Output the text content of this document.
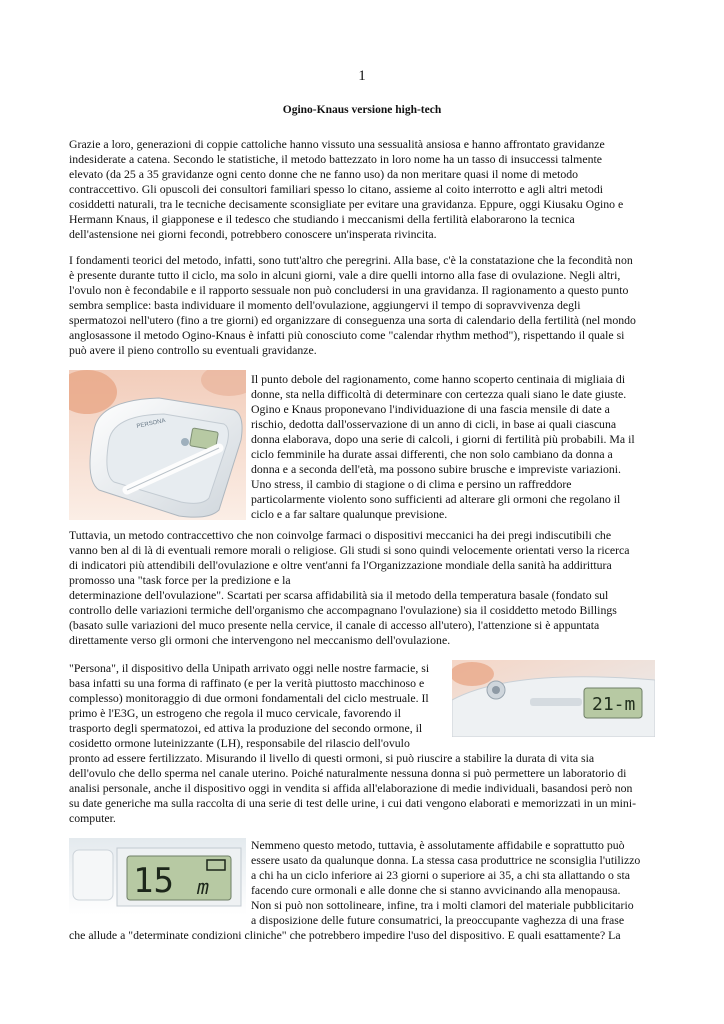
1
Ogino-Knaus versione high-tech

Grazie a loro, generazioni di coppie cattoliche hanno vissuto una sessualità ansiosa e hanno affrontato gravidanze

indesiderate a catena. Secondo le statistiche, il metodo battezzato in loro nome ha un tasso di insuccessi talmente

elevato (da 25 a 35 gravidanze ogni cento donne che ne fanno uso) da non meritare quasi il nome di metodo

contraccettivo. Gli opuscoli dei consultori familiari spesso lo citano, assieme al coito interrotto e agli altri metodi

cosiddetti naturali, tra le tecniche decisamente sconsigliate per evitare una gravidanza. Eppure, oggi Kiusaku Ogino e

Hermann Knaus, il giapponese e il tedesco che studiando i meccanismi della fertilità elaborarono la tecnica

dell'astensione nei giorni fecondi, potrebbero conoscere un'insperata rivincita.

I fondamenti teorici del metodo, infatti, sono tutt'altro che peregrini. Alla base, c'è la constatazione che la fecondità non

è presente durante tutto il ciclo, ma solo in alcuni giorni, vale a dire quelli intorno alla fase di ovulazione. Negli altri,

l'ovulo non è fecondabile e il rapporto sessuale non può concludersi in una gravidanza. Il ragionamento a questo punto

sembra semplice: basta individuare il momento dell'ovulazione, aggiungervi il tempo di sopravvivenza degli

spermatozoi nell'utero (fino a tre giorni) ed organizzare di conseguenza una sorta di calendario della fertilità (nel mondo

anglosassone il metodo Ogino-Knaus è infatti più conosciuto come "calendar rhythm method"), rispettando il quale si

può avere il pieno controllo su eventuali gravidanze.

PERSONA

Il punto debole del ragionamento, come hanno scoperto centinaia di migliaia di

donne, sta nella difficoltà di determinare con certezza quali siano le date giuste.

Ogino e Knaus proponevano l'individuazione di una fascia mensile di date a

rischio, dedotta dall'osservazione di un anno di cicli, in base ai quali ciascuna

donna elaborava, dopo una serie di calcoli, i giorni di fertilità più probabili. Ma il

ciclo femminile ha durate assai differenti, che non solo cambiano da donna a

donna e a seconda dell'età, ma possono subire brusche e impreviste variazioni.

Uno stress, il cambio di stagione o di clima e persino un raffreddore

particolarmente violento sono sufficienti ad alterare gli ormoni che regolano il

ciclo e a far saltare qualunque previsione.

Tuttavia, un metodo contraccettivo che non coinvolge farmaci o dispositivi meccanici ha dei pregi indiscutibili che

vanno ben al di là di eventuali remore morali o religiose. Gli studi si sono quindi velocemente orientati verso la ricerca

di indicatori più attendibili dell'ovulazione e oltre vent'anni fa l'Organizzazione mondiale della sanità ha addirittura

promosso una "task force per la predizione e la

determinazione dell'ovulazione". Scartati per scarsa affidabilità sia il metodo della temperatura basale (fondato sul

controllo delle variazioni termiche dell'organismo che accompagnano l'ovulazione) sia il cosiddetto metodo Billings

(basato sulle variazioni del muco presente nella cervice, il canale di accesso all'utero), l'attenzione si è appuntata

direttamente verso gli ormoni che intervengono nel meccanismo dell'ovulazione.

"Persona", il dispositivo della Unipath arrivato oggi nelle nostre farmacie, si

basa infatti su una forma di raffinato (e per la verità piuttosto macchinoso e

complesso) monitoraggio di due ormoni fondamentali del ciclo mestruale. Il

primo è l'E3G, un estrogeno che regola il muco cervicale, favorendo il

trasporto degli spermatozoi, ed attiva la produzione del secondo ormone, il

cosidetto ormone luteinizzante (LH), responsabile del rilascio dell'ovulo

21-m

pronto ad essere fertilizzato. Misurando il livello di questi ormoni, si può riuscire a stabilire la durata di vita sia

dell'ovulo che dello sperma nel canale uterino. Poiché naturalmente nessuna donna si può permettere un laboratorio di

analisi personale, anche il dispositivo oggi in vendita si affida all'elaborazione di medie individuali, basandosi però non

su date generiche ma sulla raccolta di una serie di test delle urine, i cui dati vengono elaborati e memorizzati in un mini-

computer.

15 m

Nemmeno questo metodo, tuttavia, è assolutamente affidabile e soprattutto può

essere usato da qualunque donna. La stessa casa produttrice ne sconsiglia l'utilizzo

a chi ha un ciclo inferiore ai 23 giorni o superiore ai 35, a chi sta allattando o sta

facendo cure ormonali e alle donne che si stanno avvicinando alla menopausa.

Non si può non sottolineare, infine, tra i molti clamori del materiale pubblicitario

a disposizione delle future consumatrici, la preoccupante vaghezza di una frase

che allude a "determinate condizioni cliniche" che potrebbero impedire l'uso del dispositivo. E quali esattamente? La
